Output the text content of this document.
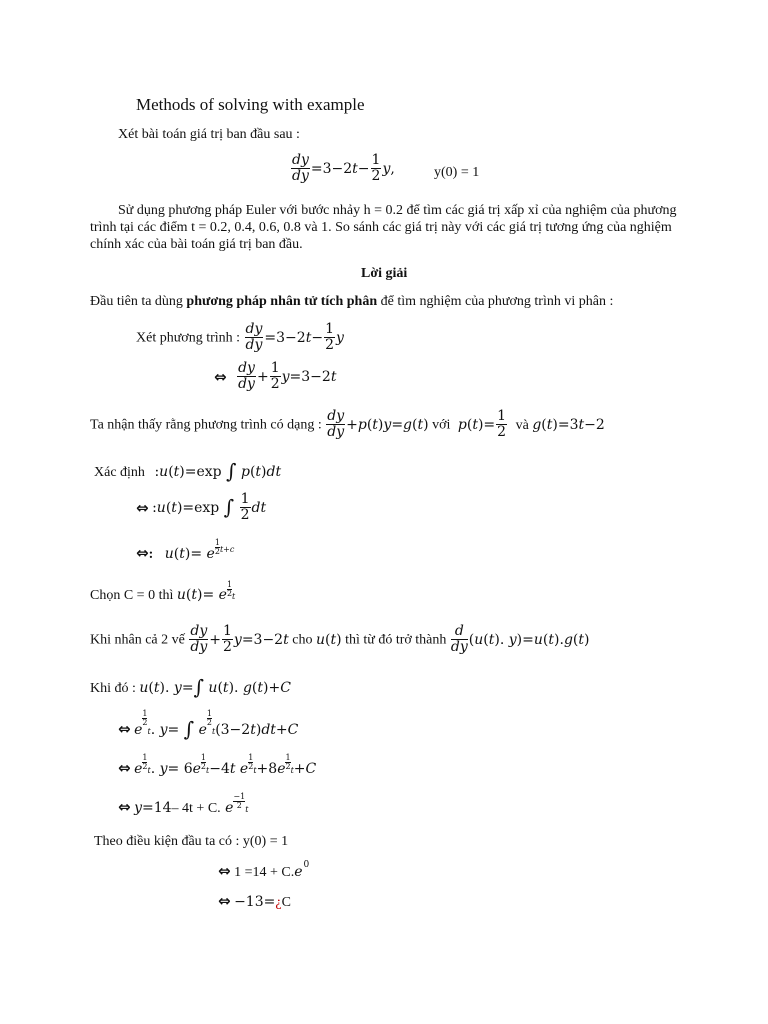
Methods of solving with example
Xét bài toán giá trị ban đầu sau :
$\frac{dy}{dy} =3-2t- \frac{1}{2} y$,	y(0) = 1
Sử dụng phương pháp Euler với bước nhảy h = 0.2 để tìm các giá trị xấp xỉ của nghiệm của phương trình tại các điểm t = 0.2, 0.4, 0.6, 0.8 và 1. So sánh các giá trị này với các giá trị tương ứng của nghiệm chính xác của bài toán giá trị ban đầu.
Lời giải
Đầu tiên ta dùng phương pháp nhân tử tích phân để tìm nghiệm của phương trình vi phân :
Xét phương trình : $\frac{dy}{dy} =3-2t- \frac{1}{2}$ y
⇔ $\frac{dy}{dy} + \frac{1}{2} y=3-2t$
Ta nhận thấy rằng phương trình có dạng : $\frac{dy}{dy} +p(t)y=g(t)$ với $p(t)= \frac{1}{2}$ và g(t)=3t−2
Xác định :u(t)=exp ∫ p(t)dt
⇔ :u(t)=exp ∫ $\frac{1}{2}$ dt
⇔: u(t)= e $\frac{1}{2} ^{t+c}$
Chọn C = 0 thì u(t)= e $\frac{1}{2}$ t
Khi nhân cả 2 vế $\frac{dy}{dy} + \frac{1}{2} y=3-2t$ cho u(t) thì từ đó trở thành $\frac{d}{dy} (u(t)$. y)=u(t).g(t)
Khi đó : u(t). y=∫ u(t). g(t)+C
⇔ e
$\frac{1}{2}$
t. y= ∫ e
$\frac{1}{2}$
t(3−2t)dt+C
⇔ e $\frac{1}{2} t$. $y= 6e \frac{1}{2} t-4t$ e $\frac{1}{2} t+8e \frac{1}{2} t+C$
⇔ y=14– 4t + C. e $\frac{-1}{2}$ t
Theo điều kiện đầu ta có : y(0) = 1
⇔ $1 =14 + C.e^0$
⇔ −13=¿C
